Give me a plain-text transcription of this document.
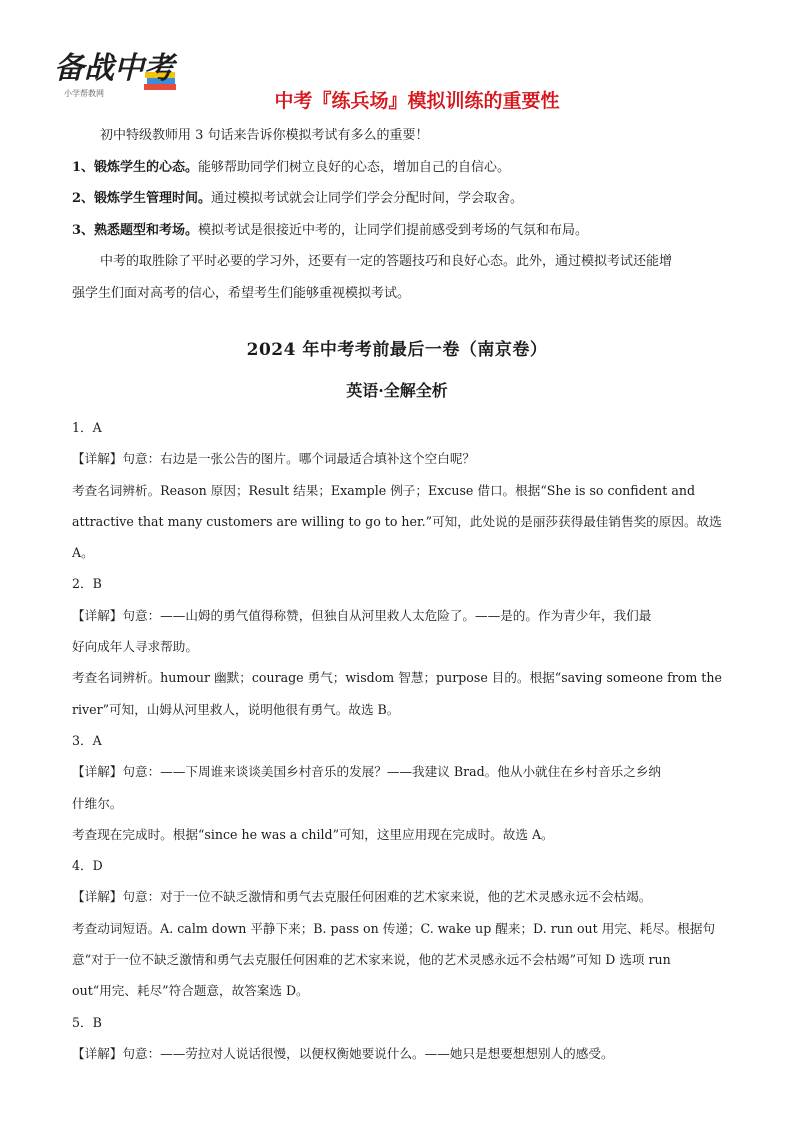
备战中考
小学帮教网	中考『练兵场』模拟训练的重要性

初中特级教师用 3 句话来告诉你模拟考试有多么的重要！

1、锻炼学生的心态。能够帮助同学们树立良好的心态，增加自己的自信心。

2、锻炼学生管理时间。通过模拟考试就会让同学们学会分配时间，学会取舍。

3、熟悉题型和考场。模拟考试是很接近中考的，让同学们提前感受到考场的气氛和布局。

中考的取胜除了平时必要的学习外，还要有一定的答题技巧和良好心态。此外，通过模拟考试还能增

强学生们面对高考的信心，希望考生们能够重视模拟考试。

2024 年中考考前最后一卷（南京卷）
英语·全解全析

1．A

【详解】句意：右边是一张公告的图片。哪个词最适合填补这个空白呢？

考查名词辨析。Reason 原因；Result 结果；Example 例子；Excuse 借口。根据“She is so confident and

attractive that many customers are willing to go to her.”可知，此处说的是丽莎获得最佳销售奖的原因。故选 A。

2．B

【详解】句意：——山姆的勇气值得称赞，但独自从河里救人太危险了。——是的。作为青少年，我们最

好向成年人寻求帮助。

考查名词辨析。humour 幽默；courage 勇气；wisdom 智慧；purpose 目的。根据“saving someone from the

river”可知，山姆从河里救人，说明他很有勇气。故选 B。

3．A

【详解】句意：——下周谁来谈谈美国乡村音乐的发展？——我建议 Brad。他从小就住在乡村音乐之乡纳

什维尔。

考查现在完成时。根据“since he was a child”可知，这里应用现在完成时。故选 A。

4．D

【详解】句意：对于一位不缺乏激情和勇气去克服任何困难的艺术家来说，他的艺术灵感永远不会枯竭。

考查动词短语。A. calm down 平静下来；B. pass on 传递；C. wake up 醒来；D. run out 用完、耗尽。根据句

意“对于一位不缺乏激情和勇气去克服任何困难的艺术家来说，他的艺术灵感永远不会枯竭”可知 D 选项 run

out“用完、耗尽”符合题意，故答案选 D。

5．B

【详解】句意：——劳拉对人说话很慢，以便权衡她要说什么。——她只是想要想想别人的感受。
